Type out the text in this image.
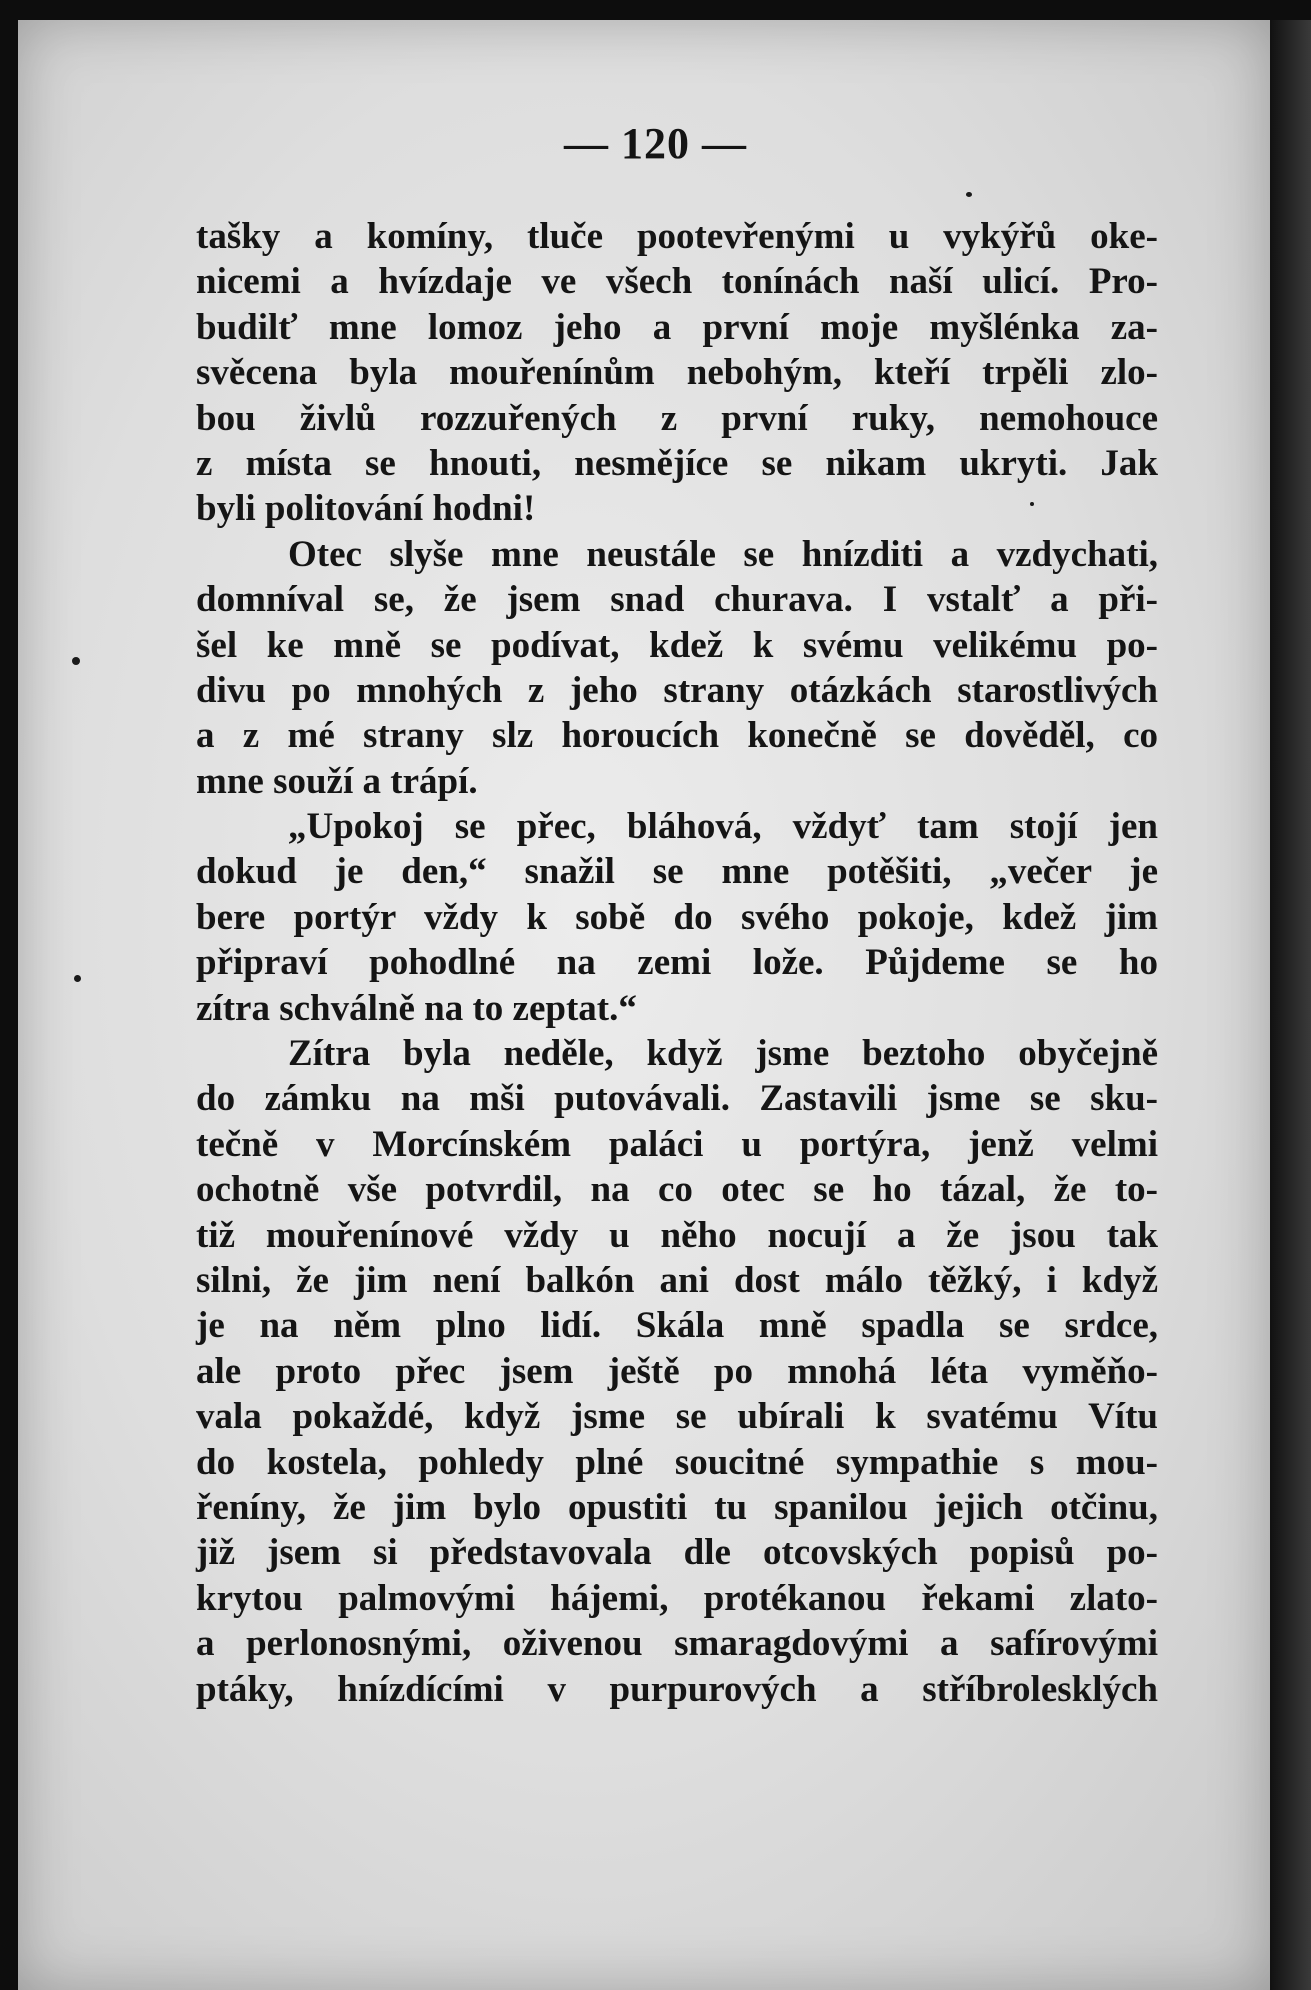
— 120 —
tašky a komíny, tluče pootevřenými u vykýřů oke-
nicemi a hvízdaje ve všech tonínách naší ulicí. Pro-
budilť mne lomoz jeho a první moje myšlénka za-
svěcena byla mouřenínům nebohým, kteří trpěli zlo-
bou živlů rozzuřených z první ruky, nemohouce
z místa se hnouti, nesmějíce se nikam ukryti. Jak
byli politování hodni!
Otec slyše mne neustále se hnízditi a vzdychati,
domníval se, že jsem snad churava. I vstalť a při-
šel ke mně se podívat, kdež k svému velikému po-
divu po mnohých z jeho strany otázkách starostlivých
a z mé strany slz horoucích konečně se dověděl, co
mne souží a trápí.
„Upokoj se přec, bláhová, vždyť tam stojí jen
dokud je den,“ snažil se mne potěšiti, „večer je
bere portýr vždy k sobě do svého pokoje, kdež jim
připraví pohodlné na zemi lože. Půjdeme se ho
zítra schválně na to zeptat.“
Zítra byla neděle, když jsme beztoho obyčejně
do zámku na mši putovávali. Zastavili jsme se sku-
tečně v Morcínském paláci u portýra, jenž velmi
ochotně vše potvrdil, na co otec se ho tázal, že to-
tiž mouřenínové vždy u něho nocují a že jsou tak
silni, že jim není balkón ani dost málo těžký, i když
je na něm plno lidí. Skála mně spadla se srdce,
ale proto přec jsem ještě po mnohá léta vyměňo-
vala pokaždé, když jsme se ubírali k svatému Vítu
do kostela, pohledy plné soucitné sympathie s mou-
řeníny, že jim bylo opustiti tu spanilou jejich otčinu,
již jsem si představovala dle otcovských popisů po-
krytou palmovými hájemi, protékanou řekami zlato-
a perlonosnými, oživenou smaragdovými a safírovými
ptáky, hnízdícími v purpurových a stříbrolesklých
